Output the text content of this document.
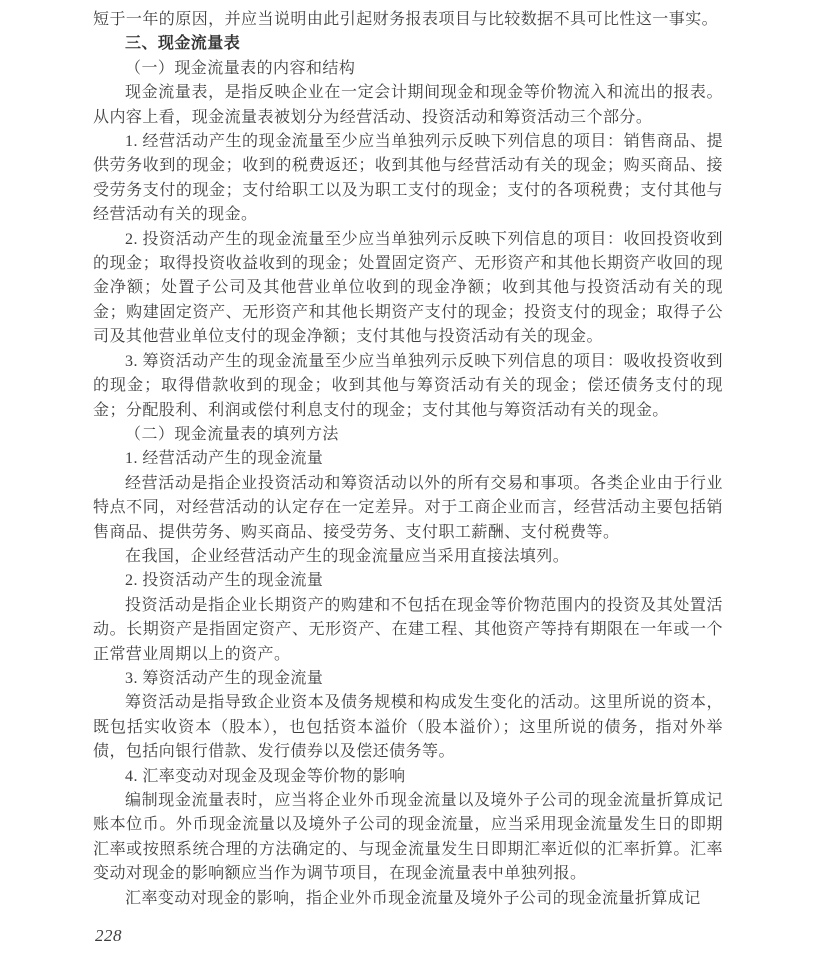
短于一年的原因，并应当说明由此引起财务报表项目与比较数据不具可比性这一事实。

三、现金流量表

（一）现金流量表的内容和结构

现金流量表，是指反映企业在一定会计期间现金和现金等价物流入和流出的报表。从内容上看，现金流量表被划分为经营活动、投资活动和筹资活动三个部分。

1. 经营活动产生的现金流量至少应当单独列示反映下列信息的项目：销售商品、提供劳务收到的现金；收到的税费返还；收到其他与经营活动有关的现金；购买商品、接受劳务支付的现金；支付给职工以及为职工支付的现金；支付的各项税费；支付其他与经营活动有关的现金。

2. 投资活动产生的现金流量至少应当单独列示反映下列信息的项目：收回投资收到的现金；取得投资收益收到的现金；处置固定资产、无形资产和其他长期资产收回的现金净额；处置子公司及其他营业单位收到的现金净额；收到其他与投资活动有关的现金；购建固定资产、无形资产和其他长期资产支付的现金；投资支付的现金；取得子公司及其他营业单位支付的现金净额；支付其他与投资活动有关的现金。

3. 筹资活动产生的现金流量至少应当单独列示反映下列信息的项目：吸收投资收到的现金；取得借款收到的现金；收到其他与筹资活动有关的现金；偿还债务支付的现金；分配股利、利润或偿付利息支付的现金；支付其他与筹资活动有关的现金。

（二）现金流量表的填列方法

1. 经营活动产生的现金流量

经营活动是指企业投资活动和筹资活动以外的所有交易和事项。各类企业由于行业特点不同，对经营活动的认定存在一定差异。对于工商企业而言，经营活动主要包括销售商品、提供劳务、购买商品、接受劳务、支付职工薪酬、支付税费等。

在我国，企业经营活动产生的现金流量应当采用直接法填列。

2. 投资活动产生的现金流量

投资活动是指企业长期资产的购建和不包括在现金等价物范围内的投资及其处置活动。长期资产是指固定资产、无形资产、在建工程、其他资产等持有期限在一年或一个正常营业周期以上的资产。

3. 筹资活动产生的现金流量

筹资活动是指导致企业资本及债务规模和构成发生变化的活动。这里所说的资本，既包括实收资本（股本），也包括资本溢价（股本溢价）；这里所说的债务，指对外举债，包括向银行借款、发行债券以及偿还债务等。

4. 汇率变动对现金及现金等价物的影响

编制现金流量表时，应当将企业外币现金流量以及境外子公司的现金流量折算成记账本位币。外币现金流量以及境外子公司的现金流量，应当采用现金流量发生日的即期汇率或按照系统合理的方法确定的、与现金流量发生日即期汇率近似的汇率折算。汇率变动对现金的影响额应当作为调节项目，在现金流量表中单独列报。

汇率变动对现金的影响，指企业外币现金流量及境外子公司的现金流量折算成记

228
